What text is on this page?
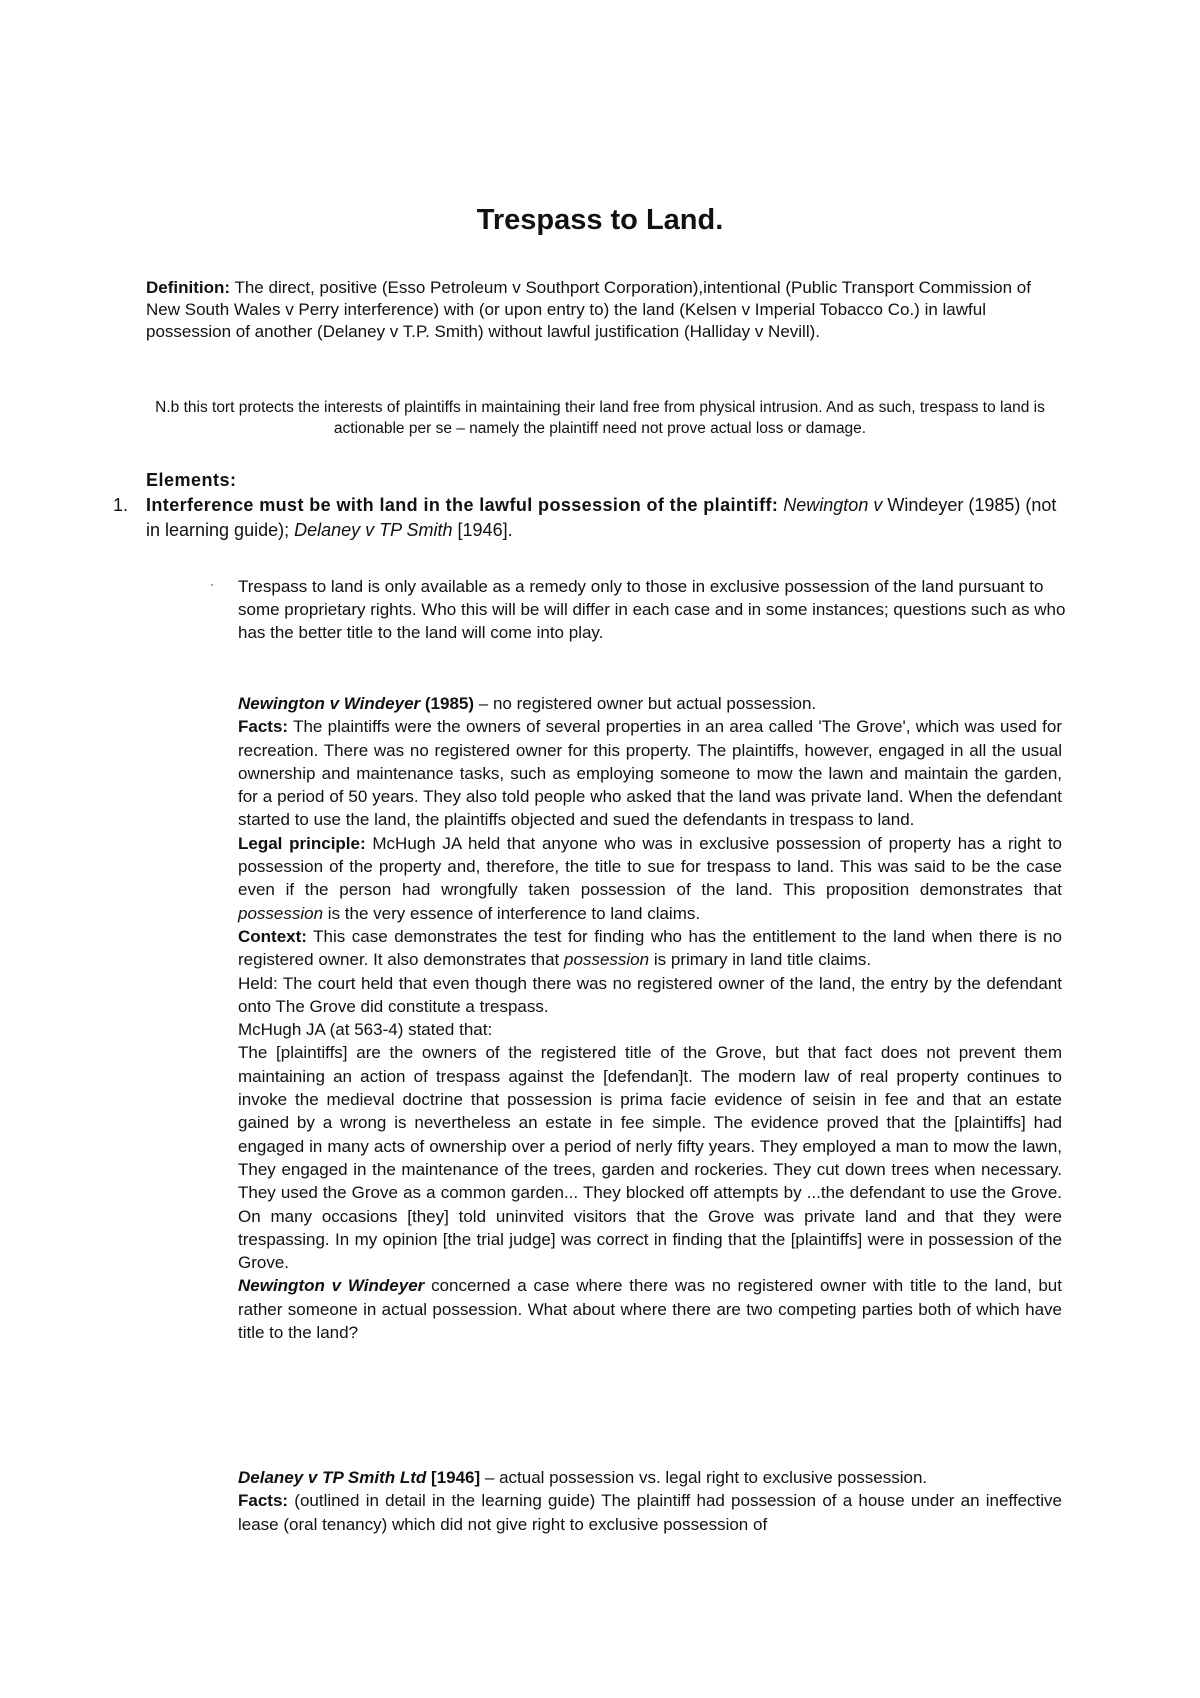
Trespass to Land.

Definition: The direct, positive (Esso Petroleum v Southport Corporation),intentional (Public Transport Commission of New South Wales v Perry interference) with (or upon entry to) the land (Kelsen v Imperial Tobacco Co.) in lawful possession of another (Delaney v T.P. Smith) without lawful justification (Halliday v Nevill).

N.b this tort protects the interests of plaintiffs in maintaining their land free from physical intrusion. And as such, trespass to land is actionable per se – namely the plaintiff need not prove actual loss or damage.

Elements:

1. Interference must be with land in the lawful possession of the plaintiff: Newington v Windeyer (1985) (not in learning guide); Delaney v TP Smith [1946].

· Trespass to land is only available as a remedy only to those in exclusive possession of the land pursuant to some proprietary rights. Who this will be will differ in each case and in some instances; questions such as who has the better title to the land will come into play.

Newington v Windeyer (1985) – no registered owner but actual possession.

Facts: The plaintiffs were the owners of several properties in an area called 'The Grove', which was used for recreation. There was no registered owner for this property. The plaintiffs, however, engaged in all the usual ownership and maintenance tasks, such as employing someone to mow the lawn and maintain the garden, for a period of 50 years. They also told people who asked that the land was private land. When the defendant started to use the land, the plaintiffs objected and sued the defendants in trespass to land.

Legal principle: McHugh JA held that anyone who was in exclusive possession of property has a right to possession of the property and, therefore, the title to sue for trespass to land. This was said to be the case even if the person had wrongfully taken possession of the land. This proposition demonstrates that possession is the very essence of interference to land claims.

Context: This case demonstrates the test for finding who has the entitlement to the land when there is no registered owner. It also demonstrates that possession is primary in land title claims.

Held: The court held that even though there was no registered owner of the land, the entry by the defendant onto The Grove did constitute a trespass.

McHugh JA (at 563-4) stated that:

The [plaintiffs] are the owners of the registered title of the Grove, but that fact does not prevent them maintaining an action of trespass against the [defendan]t. The modern law of real property continues to invoke the medieval doctrine that possession is prima facie evidence of seisin in fee and that an estate gained by a wrong is nevertheless an estate in fee simple. The evidence proved that the [plaintiffs] had engaged in many acts of ownership over a period of nerly fifty years. They employed a man to mow the lawn, They engaged in the maintenance of the trees, garden and rockeries. They cut down trees when necessary. They used the Grove as a common garden... They blocked off attempts by ...the defendant to use the Grove. On many occasions [they] told uninvited visitors that the Grove was private land and that they were trespassing. In my opinion [the trial judge] was correct in finding that the [plaintiffs] were in possession of the Grove.

Newington v Windeyer concerned a case where there was no registered owner with title to the land, but rather someone in actual possession. What about where there are two competing parties both of which have title to the land?

Delaney v TP Smith Ltd [1946] – actual possession vs. legal right to exclusive possession.

Facts: (outlined in detail in the learning guide) The plaintiff had possession of a house under an ineffective lease (oral tenancy) which did not give right to exclusive possession of
